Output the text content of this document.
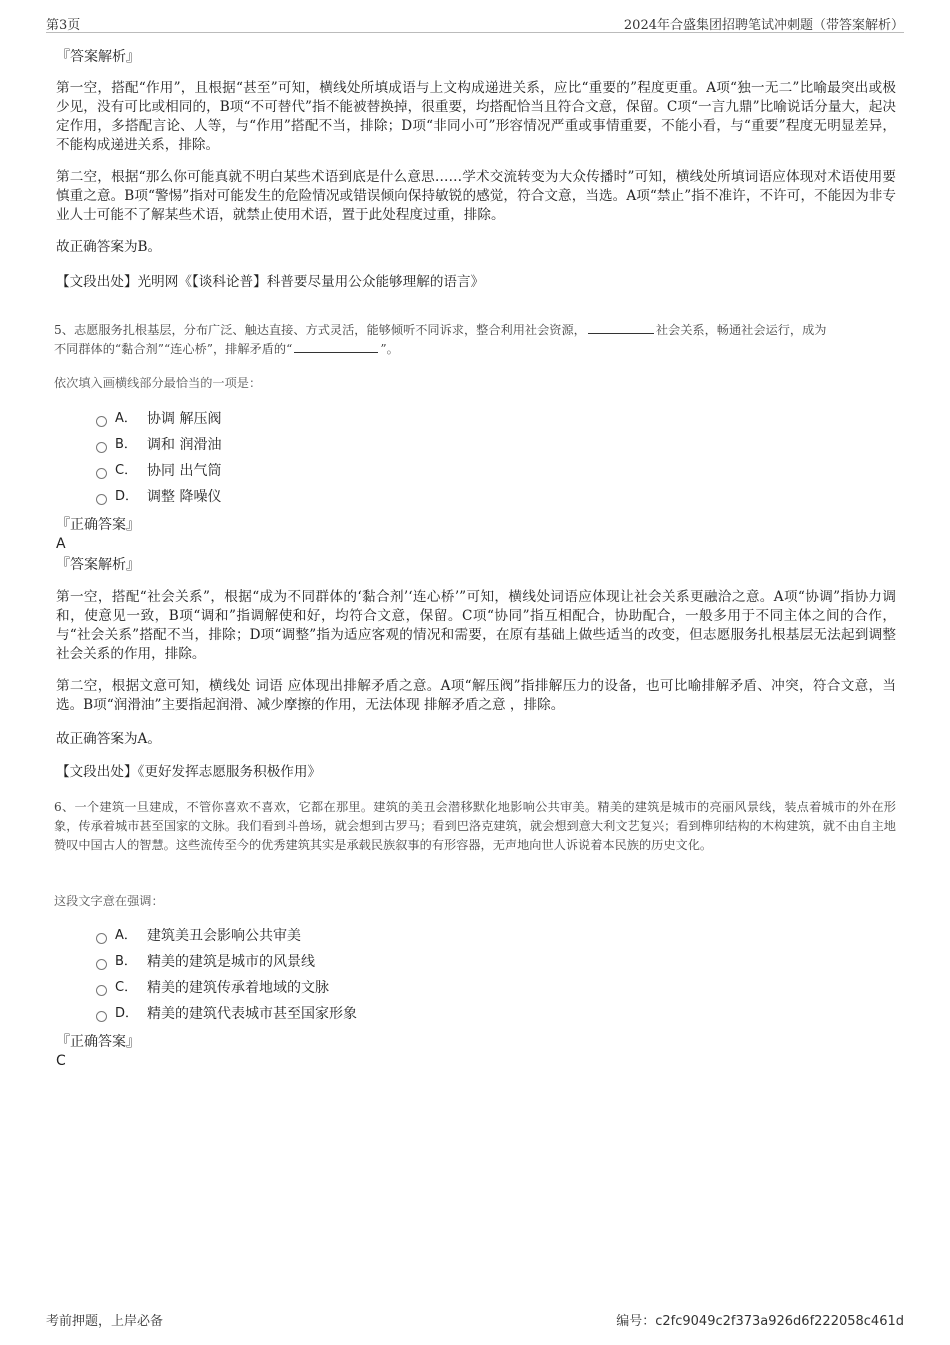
第3页	2024年合盛集团招聘笔试冲刺题（带答案解析）
『答案解析』
第一空，搭配“作用”，且根据“甚至”可知，横线处所填成语与上文构成递进关系，应比“重要的”程度更重。A项“独一无二”比喻最突出或极少见，没有可比或相同的，B项“不可替代”指不能被替换掉，很重要，均搭配恰当且符合文意，保留。C项“一言九鼎”比喻说话分量大，起决定作用，多搭配言论、人等，与“作用”搭配不当，排除；D项“非同小可”形容情况严重或事情重要，不能小看，与“重要”程度无明显差异，不能构成递进关系，排除。
第二空，根据“那么你可能真就不明白某些术语到底是什么意思……学术交流转变为大众传播时”可知，横线处所填词语应体现对术语使用要慎重之意。B项“警惕”指对可能发生的危险情况或错误倾向保持敏锐的感觉，符合文意，当选。A项“禁止”指不准许，不许可，不能因为非专业人士可能不了解某些术语，就禁止使用术语，置于此处程度过重，排除。
故正确答案为B。
【文段出处】光明网《【谈科论普】科普要尽量用公众能够理解的语言》
5、志愿服务扎根基层，分布广泛、触达直接、方式灵活，能够倾听不同诉求，整合利用社会资源，	社会关系，畅通社会运行，成为
不同群体的“黏合剂”“连心桥”，排解矛盾的“	”。
依次填入画横线部分最恰当的一项是：
A． 协调 解压阀
B． 调和 润滑油
C． 协同 出气筒
D． 调整 降噪仪
『正确答案』
A
『答案解析』
第一空，搭配“社会关系”，根据“成为不同群体的‘黏合剂’‘连心桥’”可知，横线处词语应体现让社会关系更融洽之意。A项“协调”指协力调和，使意见一致，B项“调和”指调解使和好，均符合文意，保留。C项“协同”指互相配合，协助配合，一般多用于不同主体之间的合作，与“社会关系”搭配不当，排除；D项“调整”指为适应客观的情况和需要，在原有基础上做些适当的改变，但志愿服务扎根基层无法起到调整社会关系的作用，排除。
第二空，根据文意可知，横线处 词语 应体现出排解矛盾之意。A项“解压阀”指排解压力的设备，也可比喻排解矛盾、冲突，符合文意，当选。B项“润滑油”主要指起润滑、减少摩擦的作用，无法体现 排解矛盾之意 ，排除。
故正确答案为A。
【文段出处】《更好发挥志愿服务积极作用》
6、一个建筑一旦建成，不管你喜欢不喜欢，它都在那里。建筑的美丑会潜移默化地影响公共审美。精美的建筑是城市的亮丽风景线，装点着城市的外在形象，传承着城市甚至国家的文脉。我们看到斗兽场，就会想到古罗马；看到巴洛克建筑，就会想到意大利文艺复兴；看到榫卯结构的木构建筑，就不由自主地赞叹中国古人的智慧。这些流传至今的优秀建筑其实是承载民族叙事的有形容器，无声地向世人诉说着本民族的历史文化。
这段文字意在强调：
A． 建筑美丑会影响公共审美
B． 精美的建筑是城市的风景线
C． 精美的建筑传承着地域的文脉
D． 精美的建筑代表城市甚至国家形象
『正确答案』
C
考前押题，上岸必备	编号：c2fc9049c2f373a926d6f222058c461d
